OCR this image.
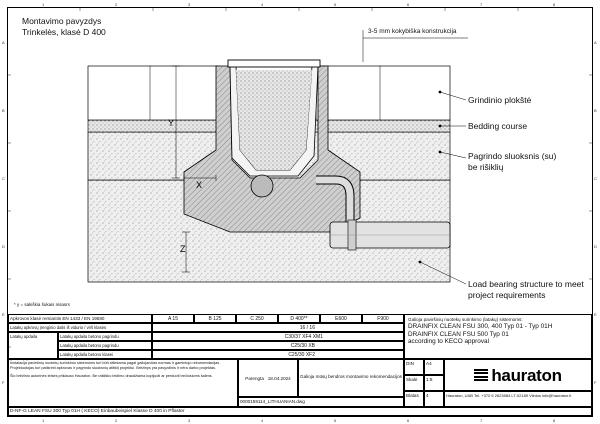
Montavimo pavyzdys
Trinkelės, klasė D 400
Y
X
Z
3-5 mm kokybiška konstrukcija
Grindinio plokštė
Bedding course
Pagrindo sluoksnis (su)
be rišiklių
Load bearing structure to meet
project requirements
* y = sakiškia šukais nisasrs
Apkrovos klasė remiantis EN 1433 / EN 19580	A 15	B 125	C 250	D 400**	E600	F900
Latakų apkrovų įrenginio dalis iš vidurio / virš klasės	16 / 16
Latakų apdaila	Latakų apdaila betono pagrindu	C30/37 XF4 XM1
Latakų apdaila betono pagrindu	C25/30 XB
Latakų apdaila betono klasei	C25/30 XF2
Galioja paviršinių nuotekų surinkimo (latakų) sistemoms:
DRAINFIX CLEAN FSU 300, 400 Typ 01 - Typ 01H
DRAINFIX CLEAN FSU 500 Typ 01
according to KECO approval
Instalacija paviršinių nuotekų surinkimo sistemoms turi būti atliekama pagal galiojančias normas ir gamintojo rekomendacijas. Projektuotojas turi patikrinti apkrovas ir pagrindo sluoksnių atitiktį projektui. Brėžinys yra pavyzdinis ir nėra darbo projektas.
Šio brėžinio autorinės teisės priklauso Hauraton. Be raštiško leidimo draudžiama kopijuoti ar perduoti trečiosioms šalims.
Parengta 18.04.2024	Galioja mūsų bendros montavimo rekomendacijos
0000159114_LITHUANIAN.dwg
DIN	A4
Skalė	1:8
Blatas	4
hauraton
Hauraton, UAB Tel. +370 5 2623584 LT-02189 Vilnius info@hauraton.lt
D-NF-G LEAN FSU 300 Typ 01H ( KECO) Einbaubeispiel Klasse D 400 in Pflaster
1
1
2
2
3
3
4
4
5
5
6
6
7
7
8
8
A	A
B	B
C	C
D	D
E	E
F	F
